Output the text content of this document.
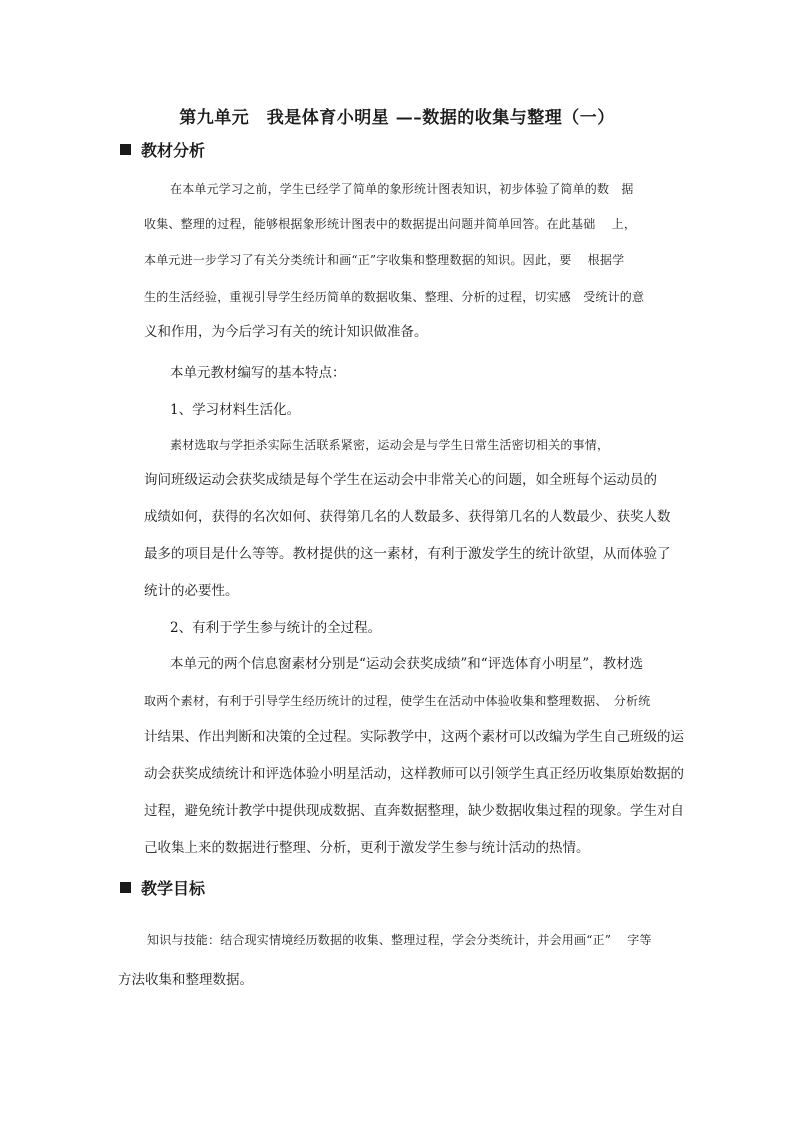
第九单元　我是体育小明星 —–数据的收集与整理（一）
教材分析
在本单元学习之前，学生已经学了简单的象形统计图表知识，初步体验了简单的数　据
收集、整理的过程，能够根据象形统计图表中的数据提出问题并简单回答。在此基础　 上，
本单元进一步学习了有关分类统计和画“正”字收集和整理数据的知识。因此，要　 根据学
生的生活经验，重视引导学生经历简单的数据收集、整理、分析的过程，切实感　受统计的意
义和作用，为今后学习有关的统计知识做准备。
本单元教材编写的基本特点：
1、学习材料生活化。
素材选取与学拒杀实际生活联系紧密，运动会是与学生日常生活密切相关的事情，
询问班级运动会获奖成绩是每个学生在运动会中非常关心的问题，如全班每个运动员的
成绩如何，获得的名次如何、获得第几名的人数最多、获得第几名的人数最少、获奖人数
最多的项目是什么等等。教材提供的这一素材，有利于激发学生的统计欲望，从而体验了
统计的必要性。
2、有利于学生参与统计的全过程。
本单元的两个信息窗素材分别是“运动会获奖成绩”和“评选体育小明星”，教材选
取两个素材，有利于引导学生经历统计的过程，使学生在活动中体验收集和整理数据、　分析统
计结果、作出判断和决策的全过程。实际教学中，这两个素材可以改编为学生自己班级的运
动会获奖成绩统计和评选体验小明星活动，这样教师可以引领学生真正经历收集原始数据的
过程，避免统计教学中提供现成数据、直奔数据整理，缺少数据收集过程的现象。学生对自
己收集上来的数据进行整理、分析，更利于激发学生参与统计活动的热情。
教学目标
知识与技能：结合现实情境经历数据的收集、整理过程，学会分类统计，并会用画“正”　 字等
方法收集和整理数据。
